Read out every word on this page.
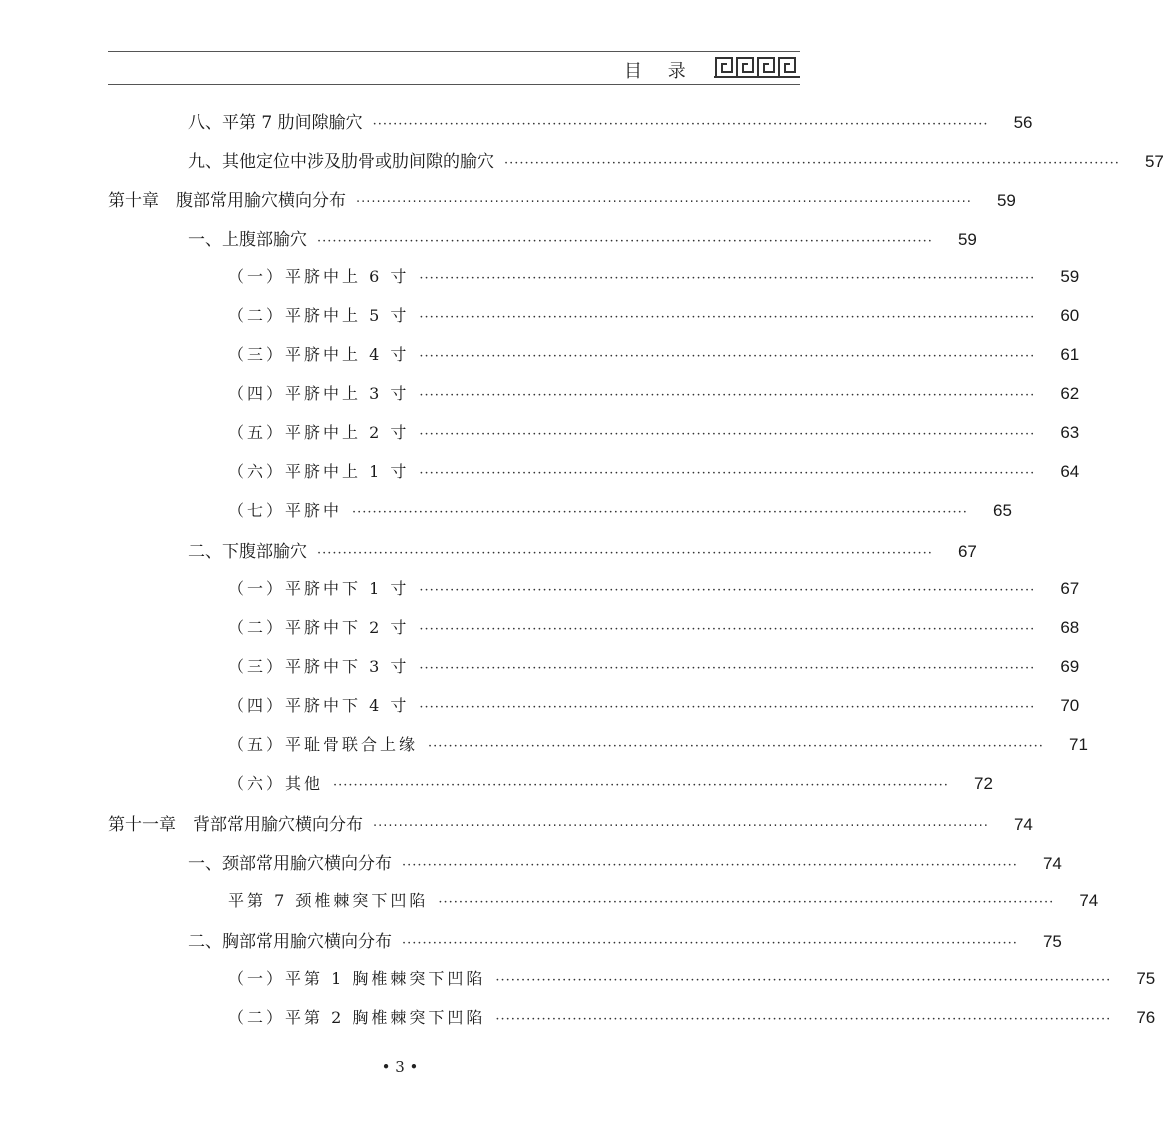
目 录
八、平第 7 肋间隙腧穴 ························································································································	56
九、其他定位中涉及肋骨或肋间隙的腧穴 ························································································································	57
第十章　腹部常用腧穴横向分布 ························································································································	59
一、上腹部腧穴 ························································································································	59
（一）平脐中上 6 寸 ························································································································	59
（二）平脐中上 5 寸 ························································································································	60
（三）平脐中上 4 寸 ························································································································	61
（四）平脐中上 3 寸 ························································································································	62
（五）平脐中上 2 寸 ························································································································	63
（六）平脐中上 1 寸 ························································································································	64
（七）平脐中 ························································································································	65
二、下腹部腧穴 ························································································································	67
（一）平脐中下 1 寸 ························································································································	67
（二）平脐中下 2 寸 ························································································································	68
（三）平脐中下 3 寸 ························································································································	69
（四）平脐中下 4 寸 ························································································································	70
（五）平耻骨联合上缘 ························································································································	71
（六）其他 ························································································································	72
第十一章　背部常用腧穴横向分布 ························································································································	74
一、颈部常用腧穴横向分布 ························································································································	74
平第 7 颈椎棘突下凹陷 ························································································································	74
二、胸部常用腧穴横向分布 ························································································································	75
（一）平第 1 胸椎棘突下凹陷 ························································································································	75
（二）平第 2 胸椎棘突下凹陷 ························································································································	76
• 3 •
